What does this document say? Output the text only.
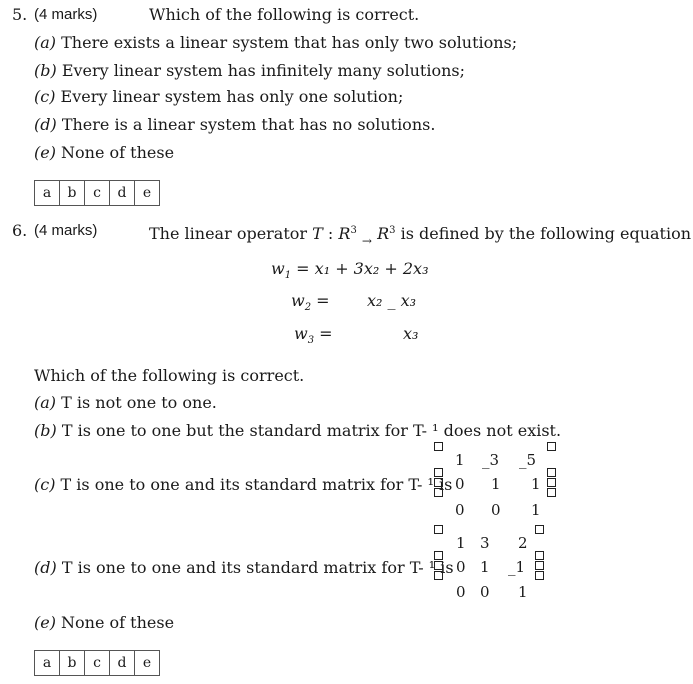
5. (4 marks)	Which of the following is correct.
(a) There exists a linear system that has only two solutions;
(b) Every linear system has infinitely many solutions;
(c) Every linear system has only one solution;
(d) There is a linear system that has no solutions.
(e) None of these
a	b	c	d	e
6. (4 marks)	The linear operator T : $R^3$ $_\to$ $R^3$ is defined by the following equation
$w_1 = x_1 + 3x_2 + 2x_3$
$w_2 = x_2$ _ x₃
$w_3$ =	x₃
Which of the following is correct.
(a) T is not one to one.
(b) T is one to one but the standard matrix for T- ¹ does not exist.
(c) T is one to one and its standard matrix for T- ¹ is
1 _3 _5
0 1 1
0 0 1
(d) T is one to one and its standard matrix for T- ¹ is
1 3 2
0 1 _1
0 0 1
(e) None of these
a	b	c	d	e
